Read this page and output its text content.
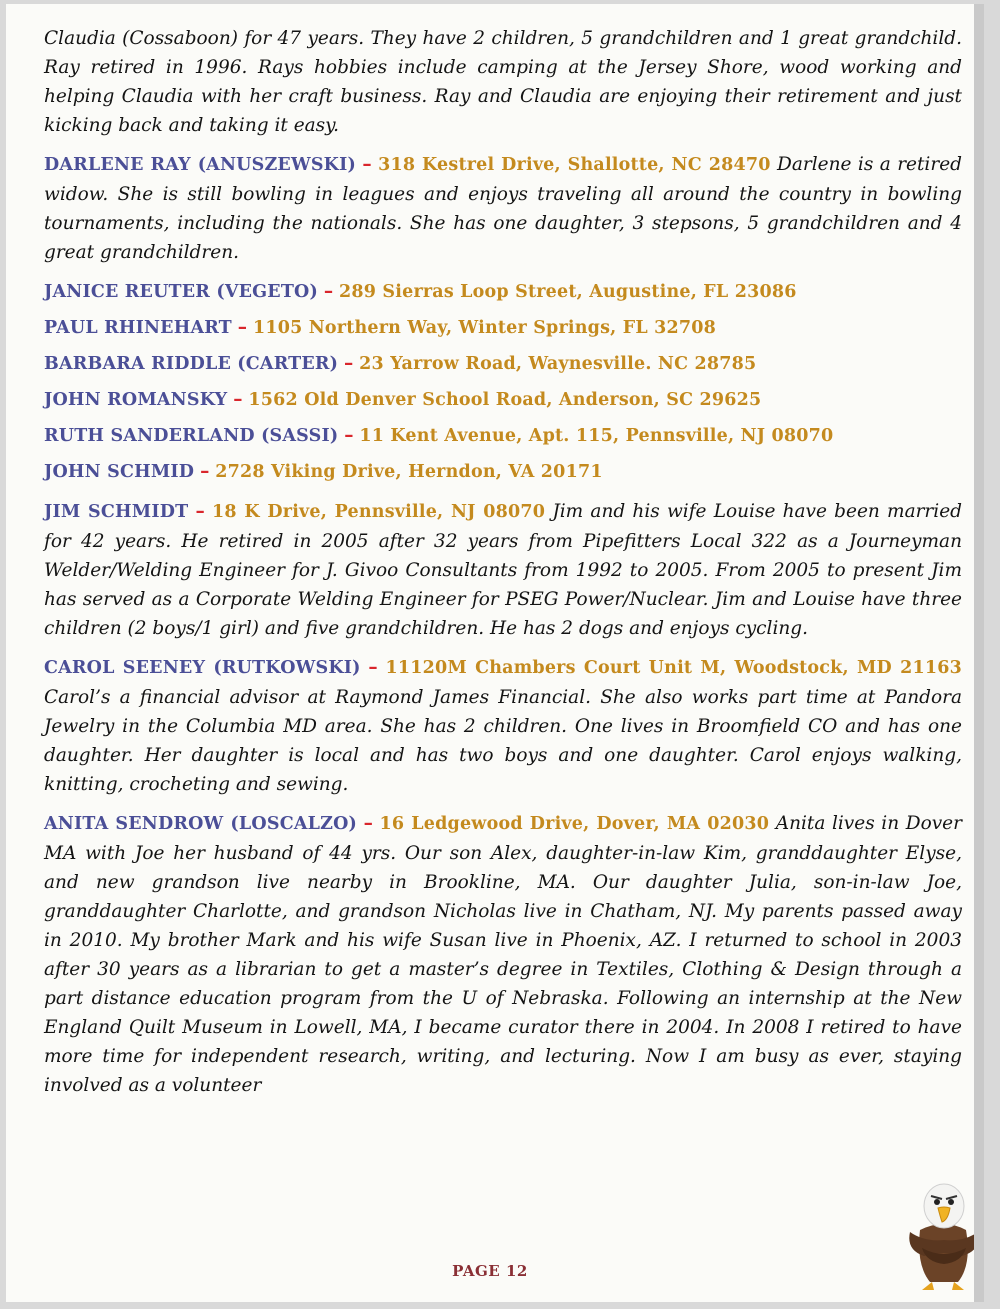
Claudia (Cossaboon) for 47 years. They have 2 children, 5 grandchildren and 1 great grandchild. Ray retired in 1996. Rays hobbies include camping at the Jersey Shore, wood working and helping Claudia with her craft business. Ray and Claudia are enjoying their retirement and just kicking back and taking it easy.

DARLENE RAY (ANUSZEWSKI) – 318 Kestrel Drive, Shallotte, NC 28470 Darlene is a retired widow. She is still bowling in leagues and enjoys traveling all around the country in bowling tournaments, including the nationals. She has one daughter, 3 stepsons, 5 grandchildren and 4 great grandchildren.

JANICE REUTER (VEGETO) – 289 Sierras Loop Street, Augustine, FL 23086

PAUL RHINEHART – 1105 Northern Way, Winter Springs, FL 32708

BARBARA RIDDLE (CARTER) – 23 Yarrow Road, Waynesville. NC 28785

JOHN ROMANSKY – 1562 Old Denver School Road, Anderson, SC 29625

RUTH SANDERLAND (SASSI) – 11 Kent Avenue, Apt. 115, Pennsville, NJ 08070

JOHN SCHMID – 2728 Viking Drive, Herndon, VA 20171

JIM SCHMIDT – 18 K Drive, Pennsville, NJ 08070 Jim and his wife Louise have been married for 42 years. He retired in 2005 after 32 years from Pipefitters Local 322 as a Journeyman Welder/Welding Engineer for J. Givoo Consultants from 1992 to 2005. From 2005 to present Jim has served as a Corporate Welding Engineer for PSEG Power/Nuclear. Jim and Louise have three children (2 boys/1 girl) and five grandchildren. He has 2 dogs and enjoys cycling.

CAROL SEENEY (RUTKOWSKI) – 11120M Chambers Court Unit M, Woodstock, MD 21163 Carol’s a financial advisor at Raymond James Financial. She also works part time at Pandora Jewelry in the Columbia MD area. She has 2 children. One lives in Broomfield CO and has one daughter. Her daughter is local and has two boys and one daughter. Carol enjoys walking, knitting, crocheting and sewing.

ANITA SENDROW (LOSCALZO) – 16 Ledgewood Drive, Dover, MA 02030 Anita lives in Dover MA with Joe her husband of 44 yrs. Our son Alex, daughter-in-law Kim, granddaughter Elyse, and new grandson live nearby in Brookline, MA. Our daughter Julia, son-in-law Joe, granddaughter Charlotte, and grandson Nicholas live in Chatham, NJ. My parents passed away in 2010. My brother Mark and his wife Susan live in Phoenix, AZ. I returned to school in 2003 after 30 years as a librarian to get a master’s degree in Textiles, Clothing & Design through a part distance education program from the U of Nebraska. Following an internship at the New England Quilt Museum in Lowell, MA, I became curator there in 2004. In 2008 I retired to have more time for independent research, writing, and lecturing. Now I am busy as ever, staying involved as a volunteer

PAGE 12
